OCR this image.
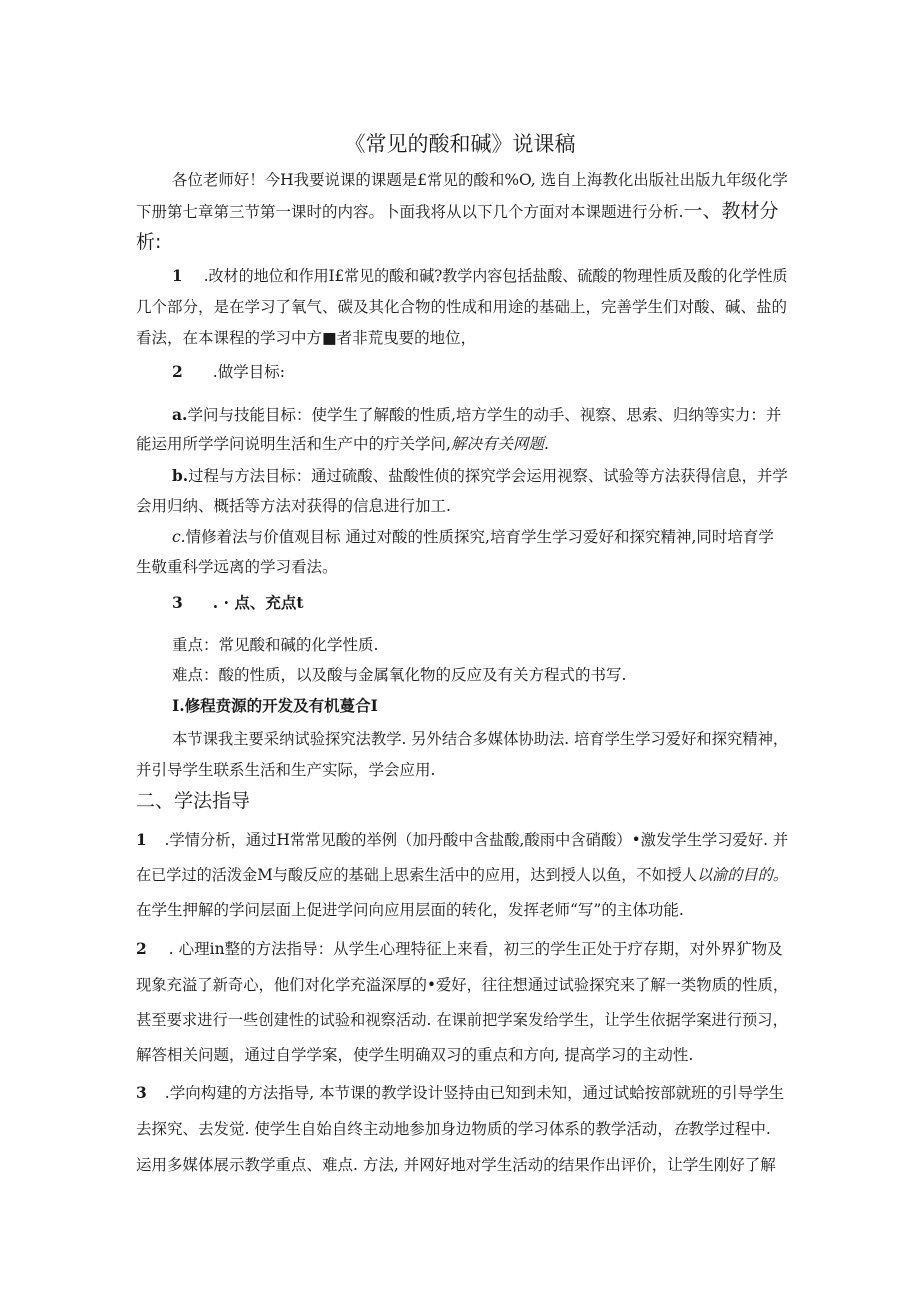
《常见的酸和碱》说课稿
各位老师好！今H我要说课的课题是£常见的酸和%O, 选自上海教化出版社出版九年级化学
下册第七章第三节第一课时的内容。卜面我将从以下几个方面对本课题进行分析.一、教材分
析:
1 .改材的地位和作用I£常见的酸和碱?教学内容包括盐酸、硫酸的物理性质及酸的化学性质
几个部分，是在学习了氧气、碳及其化合物的性成和用途的基础上，完善学生们对酸、碱、盐的
看法，在本课程的学习中方■者非荒曳要的地位，
2 .做学目标:
a.学问与技能目标：使学生了解酸的性质,培方学生的动手、视察、思索、归纳等实力：并
能运用所学学问说明生活和生产中的疔关学问,解决有关网题.
b.过程与方法目标：通过硫酸、盐酸性侦的探究学会运用视察、试验等方法获得信息，并学
会用归纳、概括等方法对获得的信息进行加工.
c.情修着法与价值观目标 通过对酸的性质探究,培育学生学习爱好和探究精神,同时培育学
生敬重科学远离的学习看法。
3 . · 点、充点t
重点：常见酸和碱的化学性质.
难点：酸的性质，以及酸与金属氧化物的反应及有关方程式的书写.
I.修程贲源的开发及有机蔓合I
本节课我主要采纳试验探究法教学. 另外结合多媒体协助法. 培育学生学习爱好和探究精神，
并引导学生联系生活和生产实际，学会应用.
二、学法指导
1 .学情分析，通过H常常见酸的举例（加丹酸中含盐酸,酸雨中含硝酸）•激发学生学习爱好. 并
在已学过的活泼金M与酸反应的基础上思索生活中的应用，达到授人以鱼，不如授人以渝的目的。
在学生押解的学问层面上促进学问向应用层面的转化，发挥老师“写”的主体功能.
2 . 心理in整的方法指导：从学生心理特征上来看，初三的学生正处于疗存期，对外界犷物及
现象充溢了新奇心，他们对化学充溢深厚的•爱好，往往想通过试验探究来了解一类物质的性质，
甚至要求进行一些创建性的试验和视察活动. 在课前把学案发给学生，让学生依据学案进行预习，
解答相关问题，通过自学学案，使学生明确双习的重点和方向, 提高学习的主动性.
3 .学向构建的方法指导, 本节课的教学设计竖持由已知到未知，通过试蛤按部就班的引导学生
去探究、去发觉. 使学生自始自终主动地参加身边物质的学习体系的教学活动，在教学过程中.
运用多媒体展示教学重点、难点. 方法, 并网好地对学生活动的结果作出评价，让学生刚好了解
